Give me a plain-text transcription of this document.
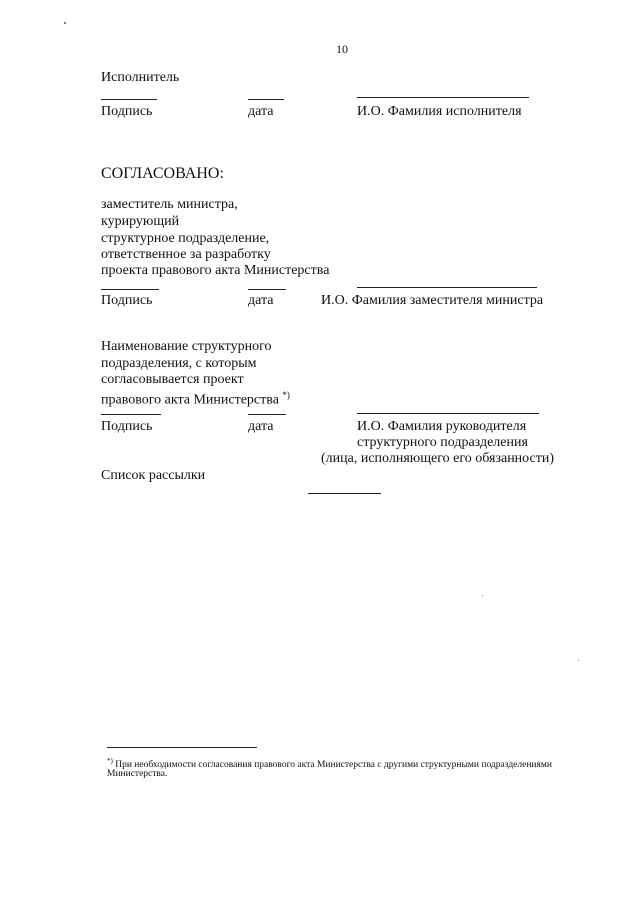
10
Исполнитель
Подпись	дата	И.О. Фамилия исполнителя
СОГЛАСОВАНО:
заместитель министра,
курирующий
структурное подразделение,
ответственное за разработку
проекта правового акта Министерства
Подпись	дата	И.О. Фамилия заместителя министра
Наименование структурного
подразделения, с которым
согласовывается проект
правового акта Министерства *)
Подпись	дата	И.О. Фамилия руководителя
структурного подразделения
(лица, исполняющего его обязанности)
Список рассылки
*) При необходимости согласования правового акта Министерства с другими структурными подразделениями
Министерства.
